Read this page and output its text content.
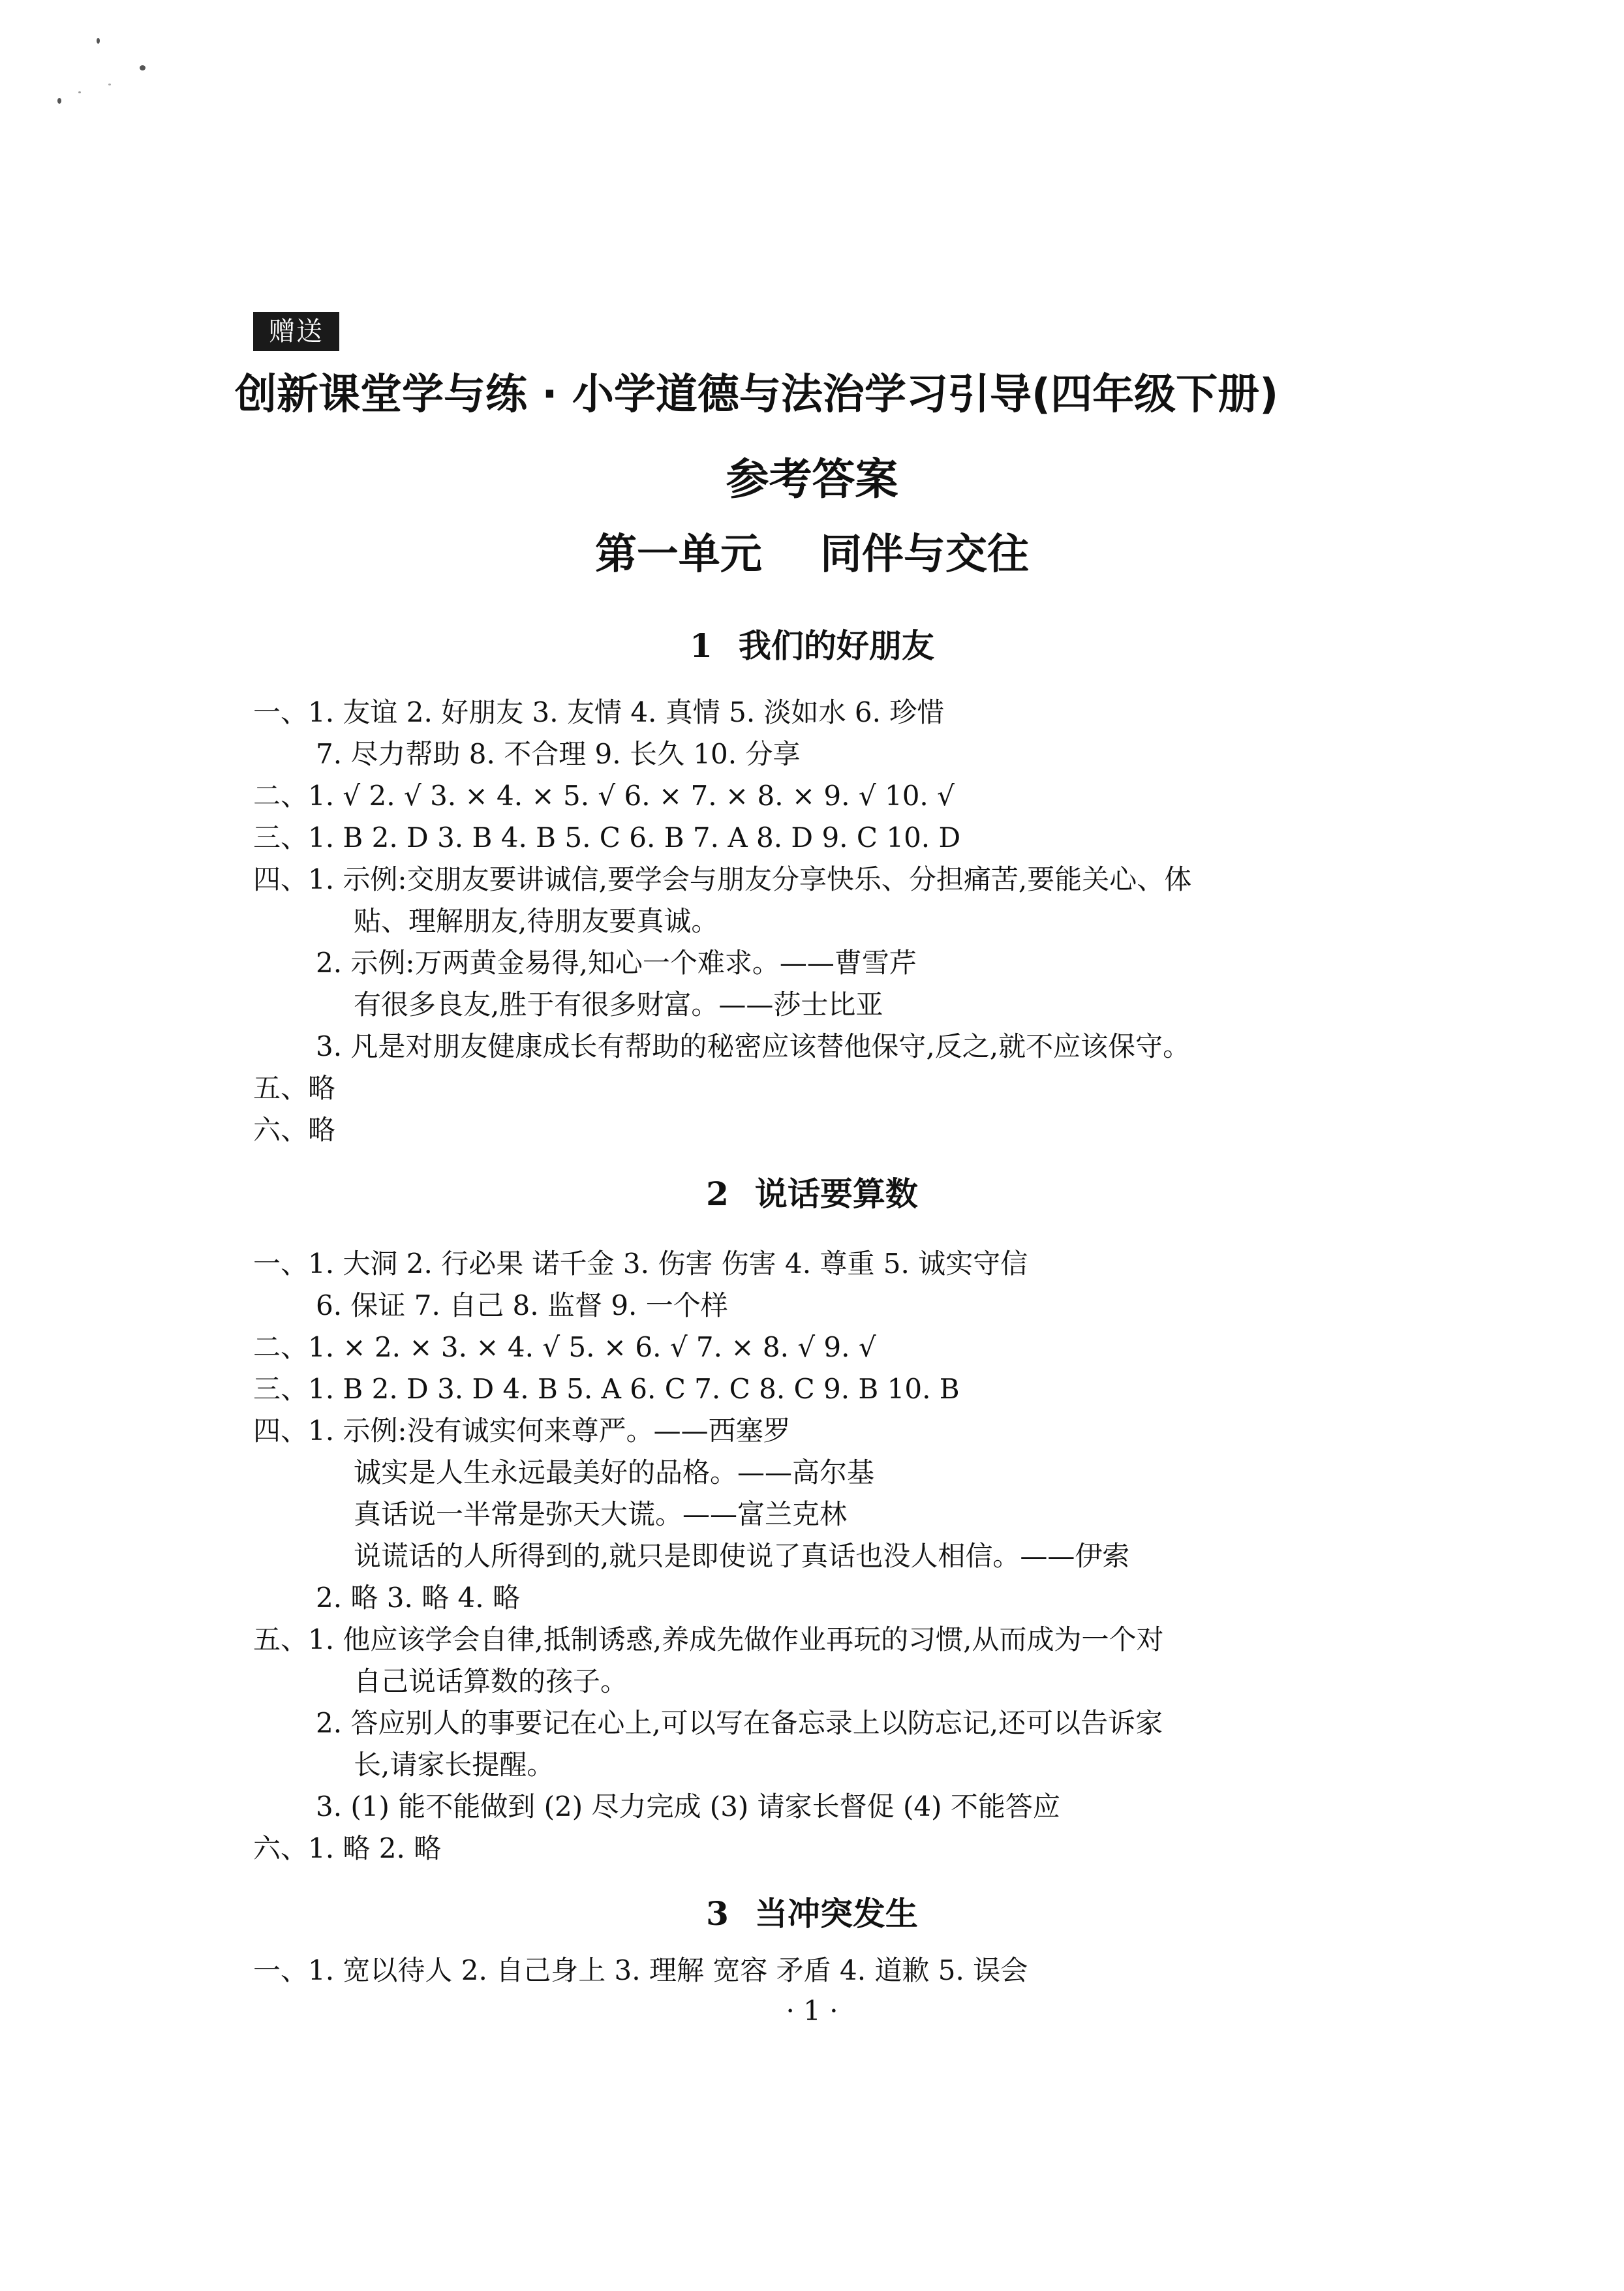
赠送
创新课堂学与练 · 小学道德与法治学习引导(四年级下册)
参考答案
第一单元    同伴与交往
1 我们的好朋友
一、1. 友谊 2. 好朋友 3. 友情 4. 真情 5. 淡如水 6. 珍惜
7. 尽力帮助 8. 不合理 9. 长久 10. 分享
二、1. √ 2. √ 3. × 4. × 5. √ 6. × 7. × 8. × 9. √ 10. √
三、1. B 2. D 3. B 4. B 5. C 6. B 7. A 8. D 9. C 10. D
四、1. 示例:交朋友要讲诚信,要学会与朋友分享快乐、分担痛苦,要能关心、体
贴、理解朋友,待朋友要真诚。
2. 示例:万两黄金易得,知心一个难求。——曹雪芹
有很多良友,胜于有很多财富。——莎士比亚
3. 凡是对朋友健康成长有帮助的秘密应该替他保守,反之,就不应该保守。
五、略
六、略
2 说话要算数
一、1. 大洞 2. 行必果 诺千金 3. 伤害 伤害 4. 尊重 5. 诚实守信
6. 保证 7. 自己 8. 监督 9. 一个样
二、1. × 2. × 3. × 4. √ 5. × 6. √ 7. × 8. √ 9. √
三、1. B 2. D 3. D 4. B 5. A 6. C 7. C 8. C 9. B 10. B
四、1. 示例:没有诚实何来尊严。——西塞罗
诚实是人生永远最美好的品格。——高尔基
真话说一半常是弥天大谎。——富兰克林
说谎话的人所得到的,就只是即使说了真话也没人相信。——伊索
2. 略 3. 略 4. 略
五、1. 他应该学会自律,抵制诱惑,养成先做作业再玩的习惯,从而成为一个对
自己说话算数的孩子。
2. 答应别人的事要记在心上,可以写在备忘录上以防忘记,还可以告诉家
长,请家长提醒。
3. (1) 能不能做到 (2) 尽力完成 (3) 请家长督促 (4) 不能答应
六、1. 略 2. 略
3 当冲突发生
一、1. 宽以待人 2. 自己身上 3. 理解 宽容 矛盾 4. 道歉 5. 误会
· 1 ·
